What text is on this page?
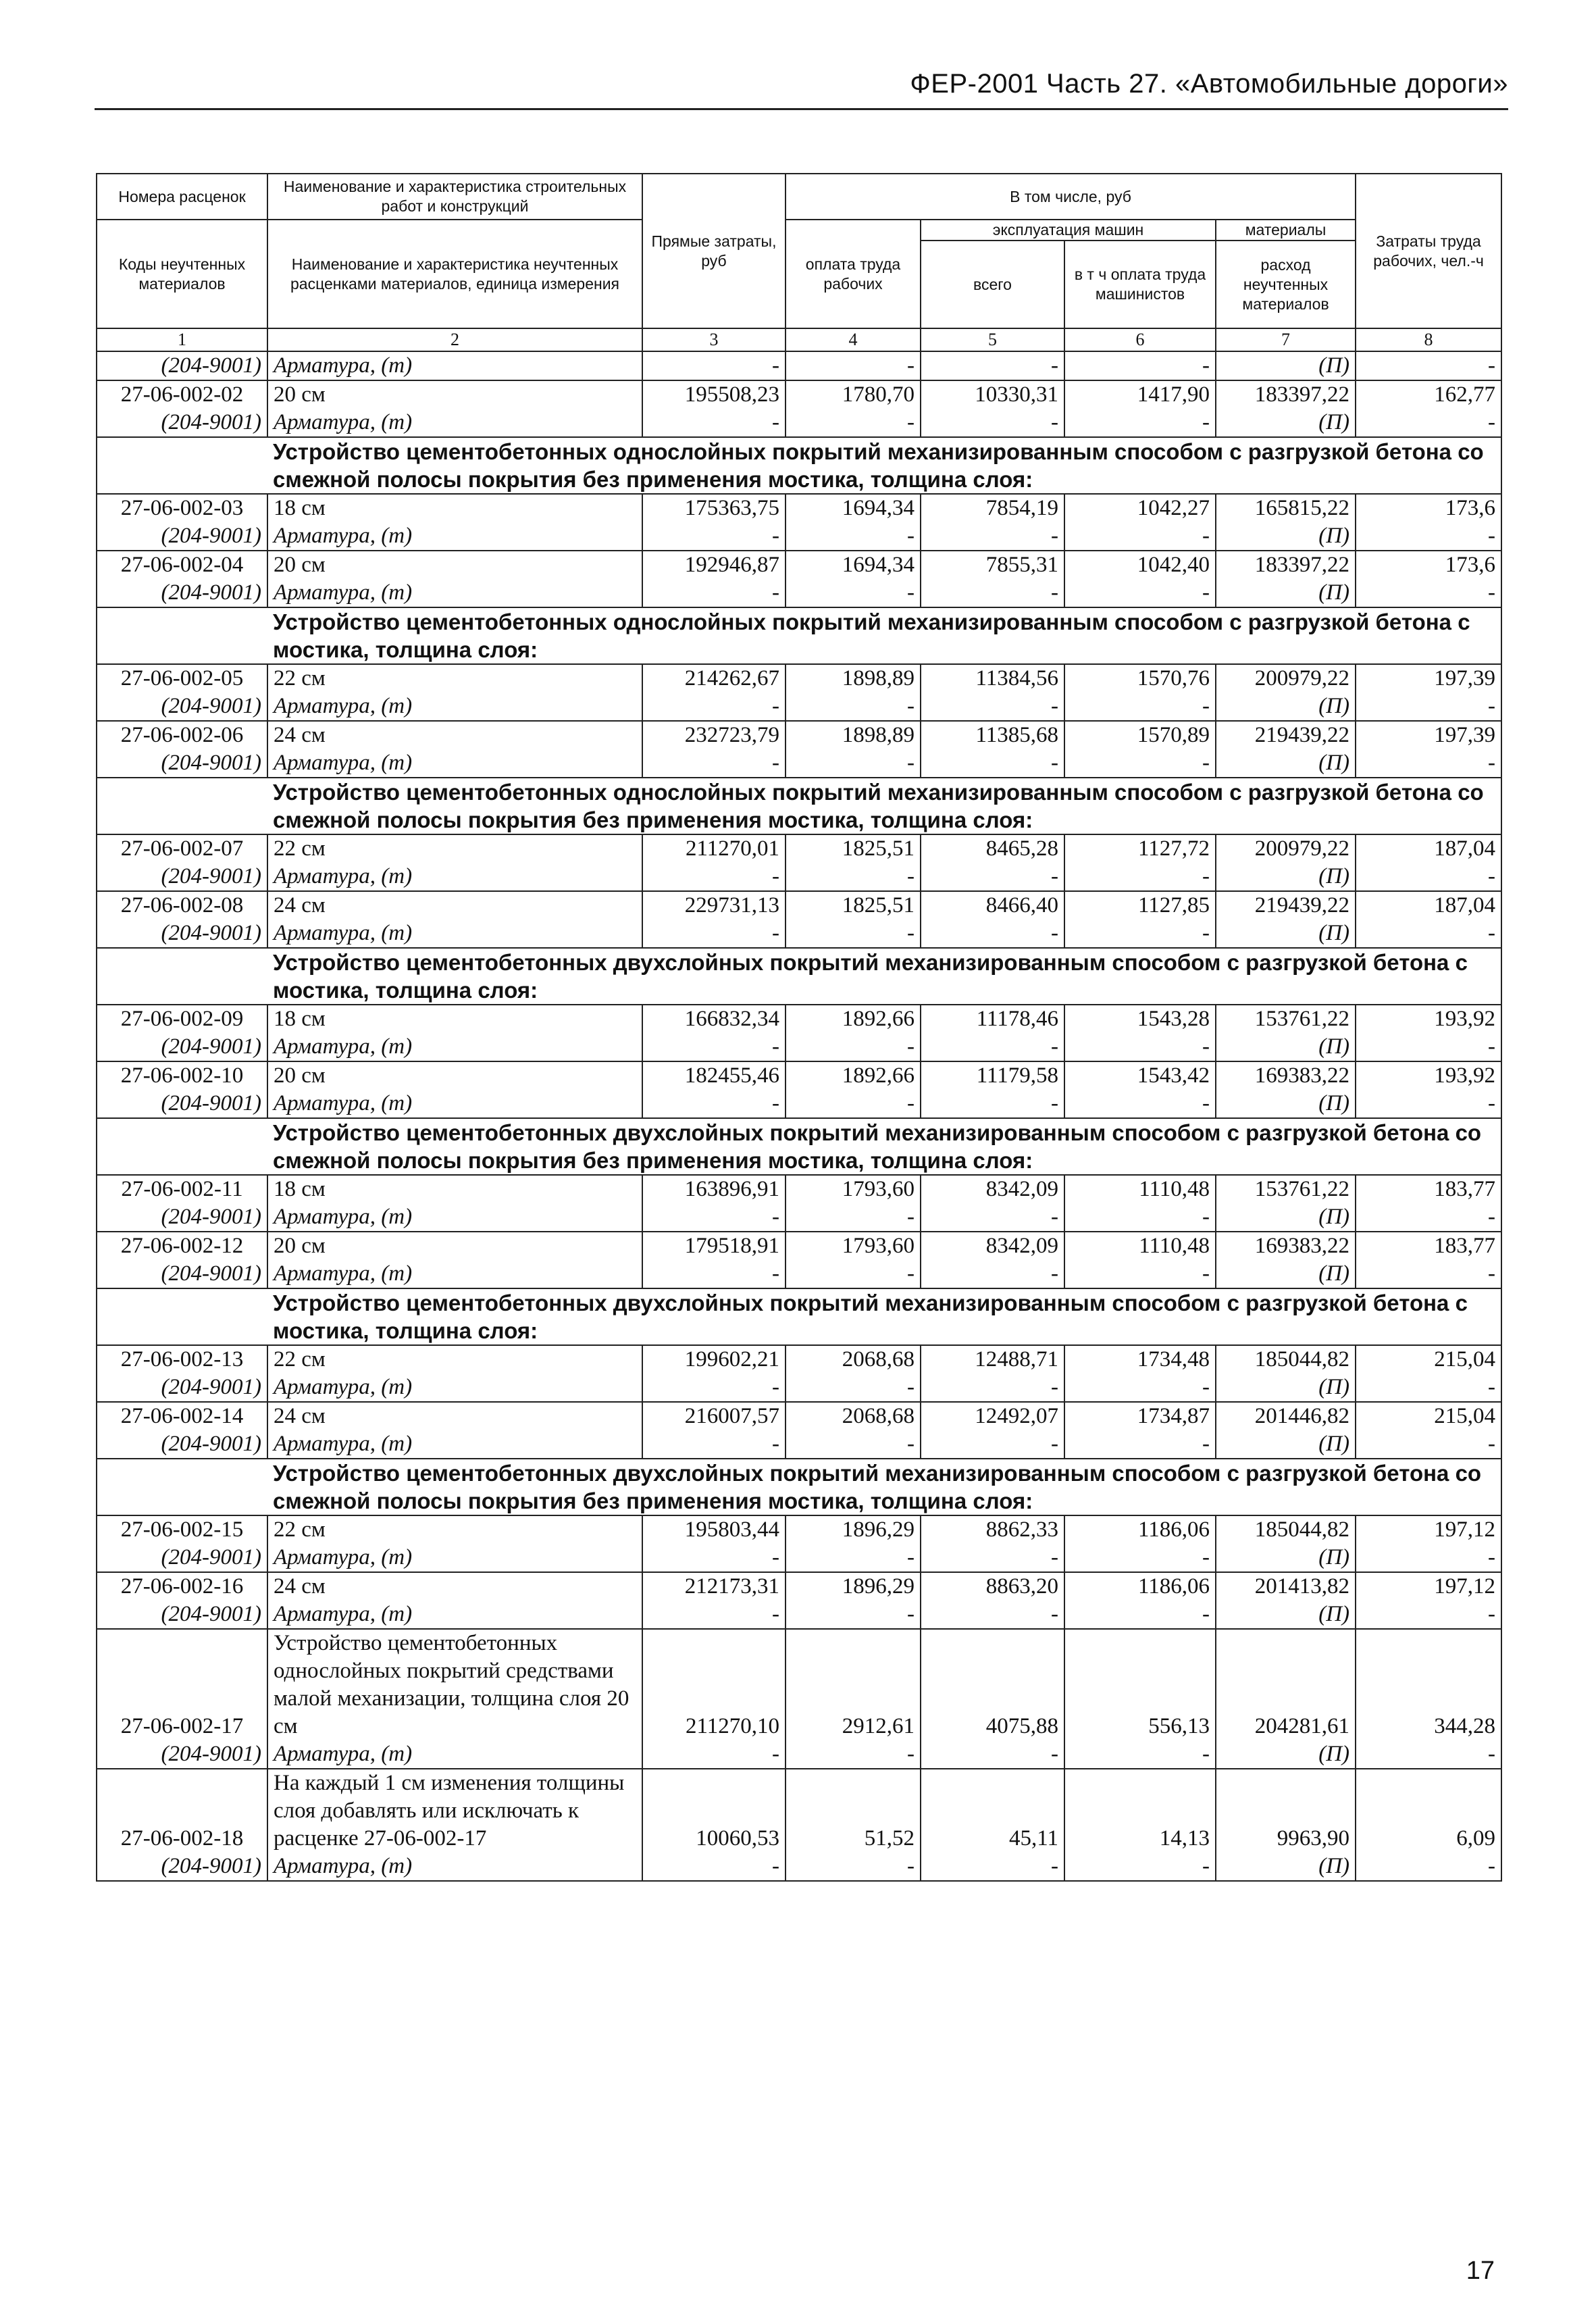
ФЕР-2001 Часть 27. «Автомобильные дороги»
Номера расценок	Наименование и характеристика строительных работ и конструкций	Прямые затраты, руб	В том числе, руб				Затраты труда рабочих, чел.-ч
Коды неучтенных материалов	Наименование и характеристика неучтенных расценками материалов, единица измерения		оплата труда рабочих	эксплуатация машин		материалы	
				всего	в т ч оплата труда машинистов	расход неучтенных материалов	
1	2	3	4	5	6	7	8
(204-9001)	Арматура, (т)	-	-	-	-	(П)	-
27-06-002-02	20 см	195508,23	1780,70	10330,31	1417,90	183397,22	162,77
(204-9001)	Арматура, (т)	-	-	-	-	(П)	-
	Устройство цементобетонных однослойных покрытий механизированным способом с разгрузкой бетона со смежной полосы покрытия без применения мостика, толщина слоя:						
27-06-002-03	18 см	175363,75	1694,34	7854,19	1042,27	165815,22	173,6
(204-9001)	Арматура, (т)	-	-	-	-	(П)	-
27-06-002-04	20 см	192946,87	1694,34	7855,31	1042,40	183397,22	173,6
(204-9001)	Арматура, (т)	-	-	-	-	(П)	-
	Устройство цементобетонных однослойных покрытий механизированным способом с разгрузкой бетона с мостика, толщина слоя:						
27-06-002-05	22 см	214262,67	1898,89	11384,56	1570,76	200979,22	197,39
(204-9001)	Арматура, (т)	-	-	-	-	(П)	-
27-06-002-06	24 см	232723,79	1898,89	11385,68	1570,89	219439,22	197,39
(204-9001)	Арматура, (т)	-	-	-	-	(П)	-
	Устройство цементобетонных однослойных покрытий механизированным способом с разгрузкой бетона со смежной полосы покрытия без применения мостика, толщина слоя:						
27-06-002-07	22 см	211270,01	1825,51	8465,28	1127,72	200979,22	187,04
(204-9001)	Арматура, (т)	-	-	-	-	(П)	-
27-06-002-08	24 см	229731,13	1825,51	8466,40	1127,85	219439,22	187,04
(204-9001)	Арматура, (т)	-	-	-	-	(П)	-
	Устройство цементобетонных двухслойных покрытий механизированным способом с разгрузкой бетона с мостика, толщина слоя:						
27-06-002-09	18 см	166832,34	1892,66	11178,46	1543,28	153761,22	193,92
(204-9001)	Арматура, (т)	-	-	-	-	(П)	-
27-06-002-10	20 см	182455,46	1892,66	11179,58	1543,42	169383,22	193,92
(204-9001)	Арматура, (т)	-	-	-	-	(П)	-
	Устройство цементобетонных двухслойных покрытий механизированным способом с разгрузкой бетона со смежной полосы покрытия без применения мостика, толщина слоя:						
27-06-002-11	18 см	163896,91	1793,60	8342,09	1110,48	153761,22	183,77
(204-9001)	Арматура, (т)	-	-	-	-	(П)	-
27-06-002-12	20 см	179518,91	1793,60	8342,09	1110,48	169383,22	183,77
(204-9001)	Арматура, (т)	-	-	-	-	(П)	-
	Устройство цементобетонных двухслойных покрытий механизированным способом с разгрузкой бетона с мостика, толщина слоя:						
27-06-002-13	22 см	199602,21	2068,68	12488,71	1734,48	185044,82	215,04
(204-9001)	Арматура, (т)	-	-	-	-	(П)	-
27-06-002-14	24 см	216007,57	2068,68	12492,07	1734,87	201446,82	215,04
(204-9001)	Арматура, (т)	-	-	-	-	(П)	-
	Устройство цементобетонных двухслойных покрытий механизированным способом с разгрузкой бетона со смежной полосы покрытия без применения мостика, толщина слоя:						
27-06-002-15	22 см	195803,44	1896,29	8862,33	1186,06	185044,82	197,12
(204-9001)	Арматура, (т)	-	-	-	-	(П)	-
27-06-002-16	24 см	212173,31	1896,29	8863,20	1186,06	201413,82	197,12
(204-9001)	Арматура, (т)	-	-	-	-	(П)	-
27-06-002-17	Устройство цементобетонных однослойных покрытий средствами малой механизации, толщина слоя 20 см	211270,10	2912,61	4075,88	556,13	204281,61	344,28
(204-9001)	Арматура, (т)	-	-	-	-	(П)	-
27-06-002-18	На каждый 1 см изменения толщины слоя добавлять или исключать к расценке 27-06-002-17	10060,53	51,52	45,11	14,13	9963,90	6,09
(204-9001)	Арматура, (т)	-	-	-	-	(П)	-
17
